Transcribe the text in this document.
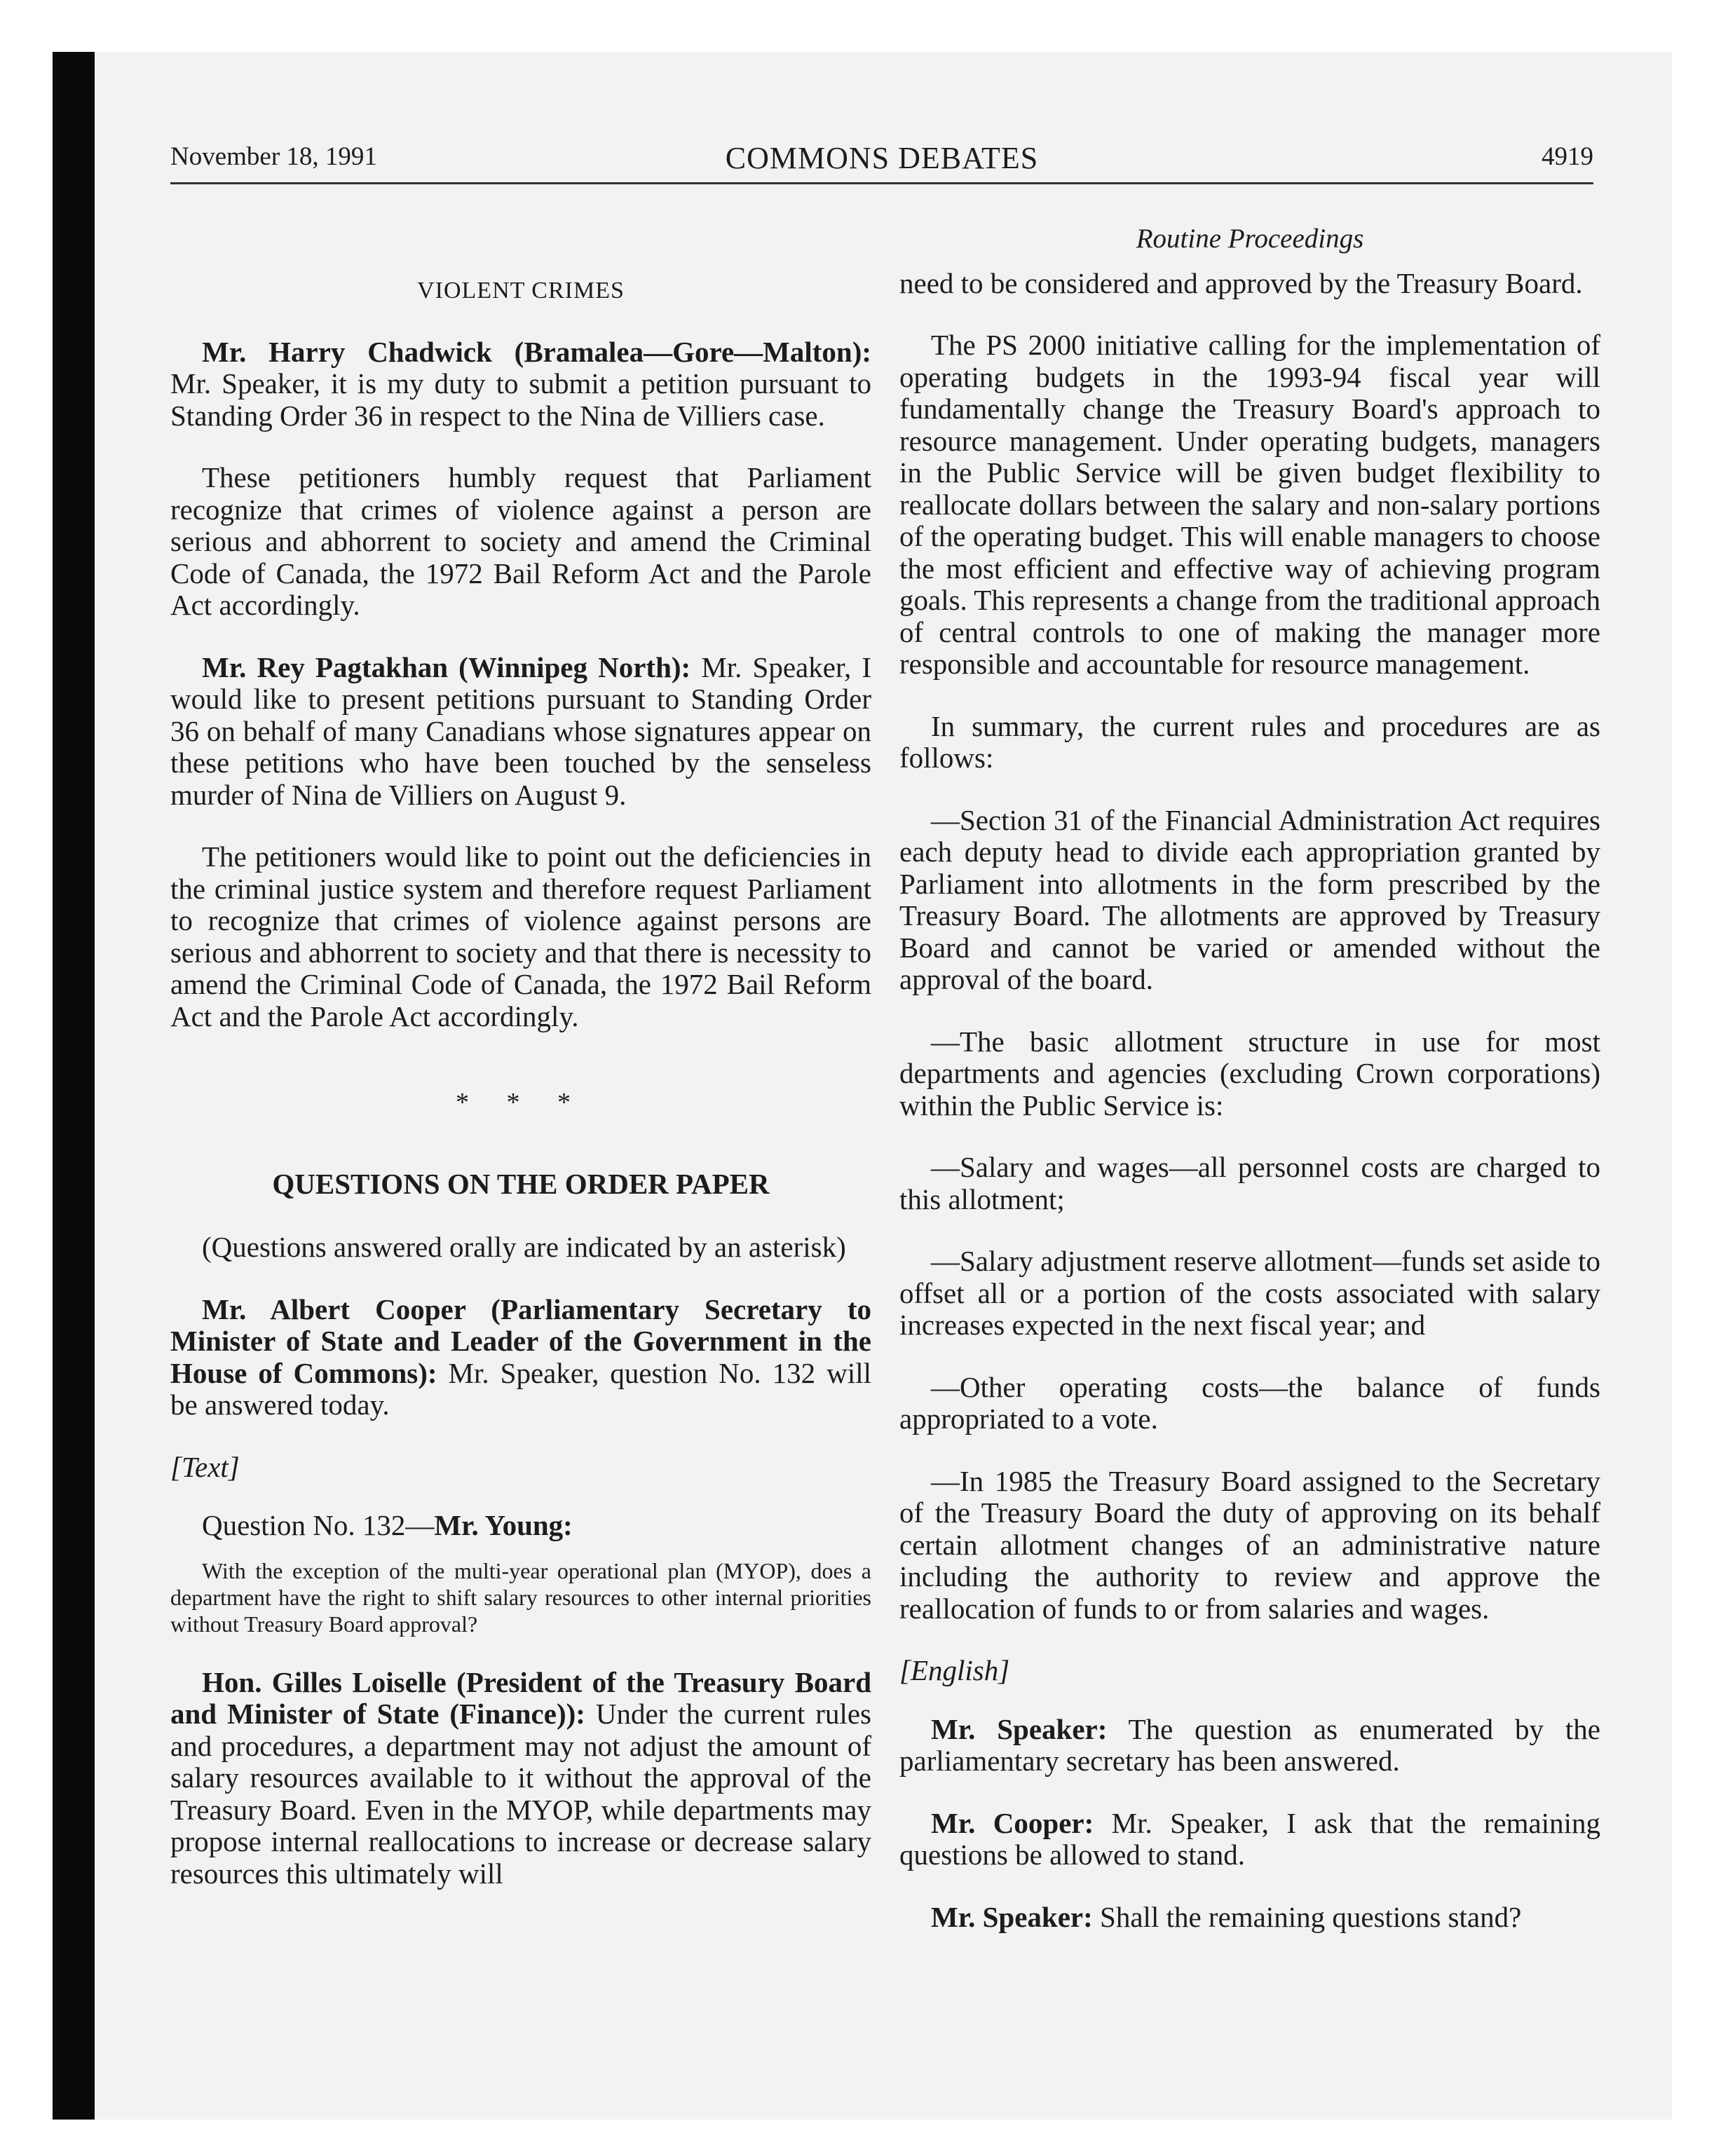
November 18, 1991	COMMONS DEBATES	4919
VIOLENT CRIMES

Mr. Harry Chadwick (Bramalea—Gore—Malton): Mr. Speaker, it is my duty to submit a petition pursuant to Standing Order 36 in respect to the Nina de Villiers case.

These petitioners humbly request that Parliament recognize that crimes of violence against a person are serious and abhorrent to society and amend the Criminal Code of Canada, the 1972 Bail Reform Act and the Parole Act accordingly.

Mr. Rey Pagtakhan (Winnipeg North): Mr. Speaker, I would like to present petitions pursuant to Standing Order 36 on behalf of many Canadians whose signatures appear on these petitions who have been touched by the senseless murder of Nina de Villiers on August 9.

The petitioners would like to point out the deficiencies in the criminal justice system and therefore request Parliament to recognize that crimes of violence against persons are serious and abhorrent to society and that there is necessity to amend the Criminal Code of Canada, the 1972 Bail Reform Act and the Parole Act accordingly.

* * *
QUESTIONS ON THE ORDER PAPER

(Questions answered orally are indicated by an asterisk)

Mr. Albert Cooper (Parliamentary Secretary to Minister of State and Leader of the Government in the House of Commons): Mr. Speaker, question No. 132 will be answered today.

[Text]

Question No. 132—Mr. Young:

With the exception of the multi-year operational plan (MYOP), does a department have the right to shift salary resources to other internal priorities without Treasury Board approval?

Hon. Gilles Loiselle (President of the Treasury Board and Minister of State (Finance)): Under the current rules and procedures, a department may not adjust the amount of salary resources available to it without the approval of the Treasury Board. Even in the MYOP, while departments may propose internal reallocations to increase or decrease salary resources this ultimately will

Routine Proceedings

need to be considered and approved by the Treasury Board.

The PS 2000 initiative calling for the implementation of operating budgets in the 1993-94 fiscal year will fundamentally change the Treasury Board's approach to resource management. Under operating budgets, managers in the Public Service will be given budget flexibility to reallocate dollars between the salary and non-salary portions of the operating budget. This will enable managers to choose the most efficient and effective way of achieving program goals. This represents a change from the traditional approach of central controls to one of making the manager more responsible and accountable for resource management.

In summary, the current rules and procedures are as follows:

—Section 31 of the Financial Administration Act requires each deputy head to divide each appropriation granted by Parliament into allotments in the form prescribed by the Treasury Board. The allotments are approved by Treasury Board and cannot be varied or amended without the approval of the board.

—The basic allotment structure in use for most departments and agencies (excluding Crown corporations) within the Public Service is:

—Salary and wages—all personnel costs are charged to this allotment;

—Salary adjustment reserve allotment—funds set aside to offset all or a portion of the costs associated with salary increases expected in the next fiscal year; and

—Other operating costs—the balance of funds appropriated to a vote.

—In 1985 the Treasury Board assigned to the Secretary of the Treasury Board the duty of approving on its behalf certain allotment changes of an administrative nature including the authority to review and approve the reallocation of funds to or from salaries and wages.

[English]

Mr. Speaker: The question as enumerated by the parliamentary secretary has been answered.

Mr. Cooper: Mr. Speaker, I ask that the remaining questions be allowed to stand.

Mr. Speaker: Shall the remaining questions stand?
